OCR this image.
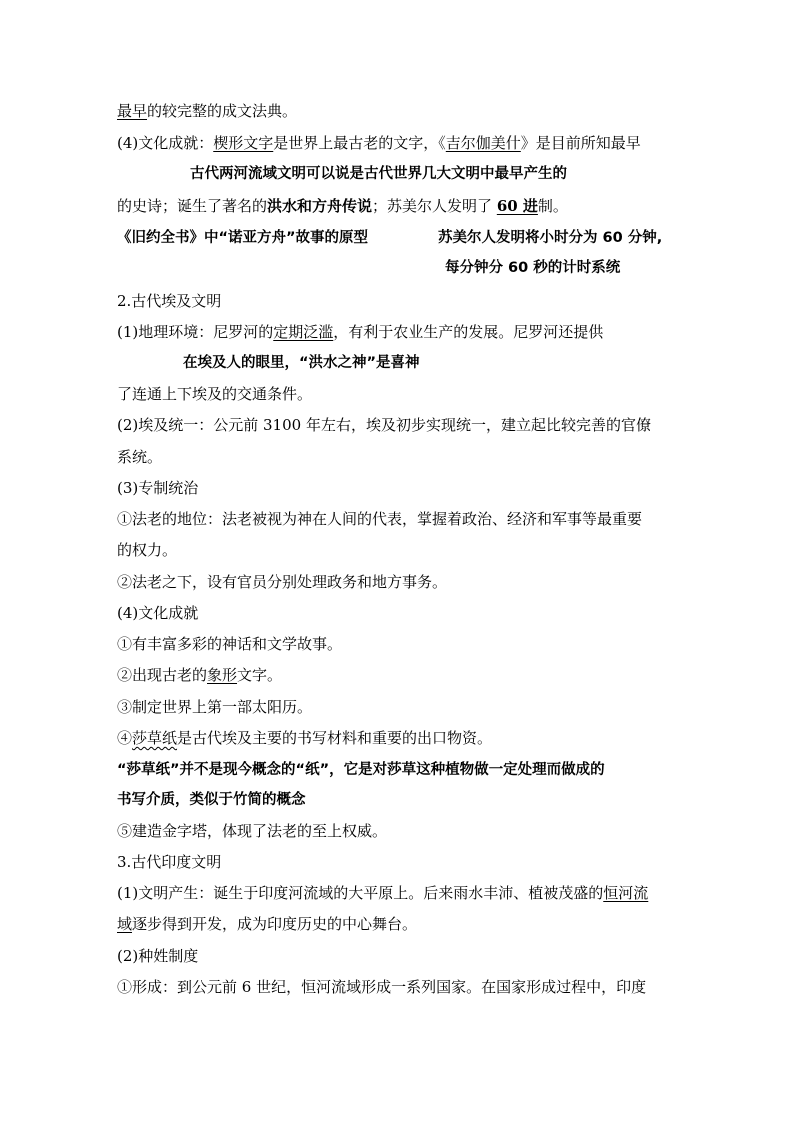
最早的较完整的成文法典。
(4)文化成就：楔形文字是世界上最古老的文字，《吉尔伽美什》是目前所知最早
古代两河流域文明可以说是古代世界几大文明中最早产生的
的史诗；诞生了著名的洪水和方舟传说；苏美尔人发明了 60 进制。
《旧约全书》中“诺亚方舟”故事的原型	苏美尔人发明将小时分为 60 分钟,
每分钟分 60 秒的计时系统
2.古代埃及文明
(1)地理环境：尼罗河的定期泛滥，有利于农业生产的发展。尼罗河还提供
在埃及人的眼里，“洪水之神”是喜神
了连通上下埃及的交通条件。
(2)埃及统一：公元前 3100 年左右，埃及初步实现统一，建立起比较完善的官僚
系统。
(3)专制统治
①法老的地位：法老被视为神在人间的代表，掌握着政治、经济和军事等最重要
的权力。
②法老之下，设有官员分别处理政务和地方事务。
(4)文化成就
①有丰富多彩的神话和文学故事。
②出现古老的象形文字。
③制定世界上第一部太阳历。
④莎草纸是古代埃及主要的书写材料和重要的出口物资。
“莎草纸”并不是现今概念的“纸”，它是对莎草这种植物做一定处理而做成的
书写介质，类似于竹简的概念
⑤建造金字塔，体现了法老的至上权威。
3.古代印度文明
(1)文明产生：诞生于印度河流域的大平原上。后来雨水丰沛、植被茂盛的恒河流
域逐步得到开发，成为印度历史的中心舞台。
(2)种姓制度
①形成：到公元前 6 世纪，恒河流域形成一系列国家。在国家形成过程中，印度
